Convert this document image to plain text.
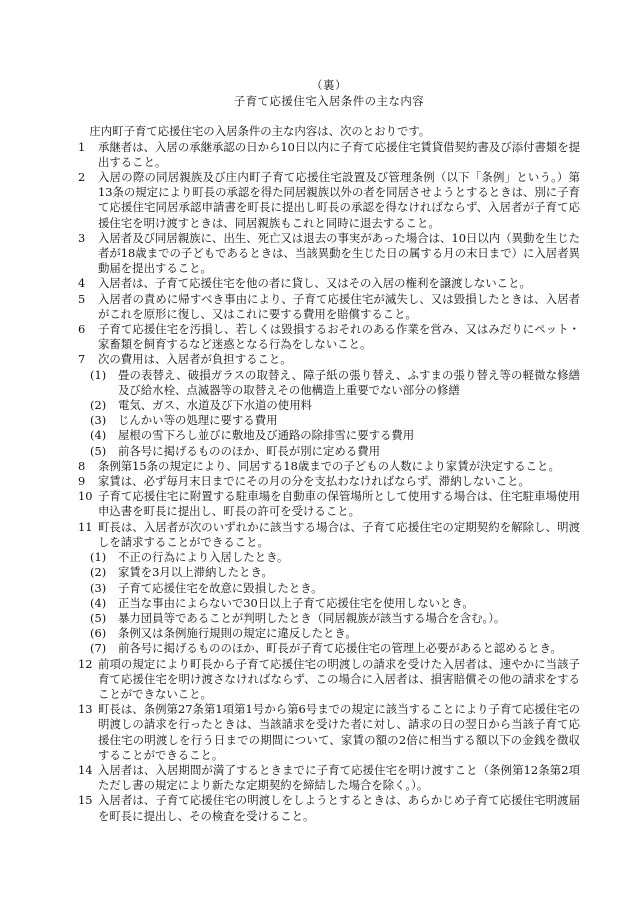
（裏）
子育て応援住宅入居条件の主な内容
庄内町子育て応援住宅の入居条件の主な内容は、次のとおりです。
1	承継者は、入居の承継承認の日から10日以内に子育て応援住宅賃貸借契約書及び添付書類を提出すること。
2	入居の際の同居親族及び庄内町子育て応援住宅設置及び管理条例（以下「条例」という。）第13条の規定により町長の承認を得た同居親族以外の者を同居させようとするときは、別に子育て応援住宅同居承認申請書を町長に提出し町長の承認を得なければならず、入居者が子育て応援住宅を明け渡すときは、同居親族もこれと同時に退去すること。
3	入居者及び同居親族に、出生、死亡又は退去の事実があった場合は、10日以内（異動を生じた者が18歳までの子どもであるときは、当該異動を生じた日の属する月の末日まで）に入居者異動届を提出すること。
4	入居者は、子育て応援住宅を他の者に貸し、又はその入居の権利を譲渡しないこと。
5	入居者の責めに帰すべき事由により、子育て応援住宅が滅失し、又は毀損したときは、入居者がこれを原形に復し、又はこれに要する費用を賠償すること。
6	子育て応援住宅を汚損し、若しくは毀損するおそれのある作業を営み、又はみだりにペット・家畜類を飼育するなど迷惑となる行為をしないこと。
7	次の費用は、入居者が負担すること。
(1)	畳の表替え、破損ガラスの取替え、障子紙の張り替え、ふすまの張り替え等の軽微な修繕及び給水栓、点滅器等の取替えその他構造上重要でない部分の修繕
(2)	電気、ガス、水道及び下水道の使用料
(3)	じんかい等の処理に要する費用
(4)	屋根の雪下ろし並びに敷地及び通路の除排雪に要する費用
(5)	前各号に掲げるもののほか、町長が別に定める費用
8	条例第15条の規定により、同居する18歳までの子どもの人数により家賃が決定すること。
9	家賃は、必ず毎月末日までにその月の分を支払わなければならず、滞納しないこと。
10 子育て応援住宅に附置する駐車場を自動車の保管場所として使用する場合は、住宅駐車場使用申込書を町長に提出し、町長の許可を受けること。
11 町長は、入居者が次のいずれかに該当する場合は、子育て応援住宅の定期契約を解除し、明渡しを請求することができること。
(1)	不正の行為により入居したとき。
(2)	家賃を3月以上滞納したとき。
(3)	子育て応援住宅を故意に毀損したとき。
(4)	正当な事由によらないで30日以上子育て応援住宅を使用しないとき。
(5)	暴力団員等であることが判明したとき（同居親族が該当する場合を含む。）。
(6)	条例又は条例施行規則の規定に違反したとき。
(7)	前各号に掲げるもののほか、町長が子育て応援住宅の管理上必要があると認めるとき。
12 前項の規定により町長から子育て応援住宅の明渡しの請求を受けた入居者は、速やかに当該子育て応援住宅を明け渡さなければならず、この場合に入居者は、損害賠償その他の請求をすることができないこと。
13 町長は、条例第27条第1項第1号から第6号までの規定に該当することにより子育て応援住宅の明渡しの請求を行ったときは、当該請求を受けた者に対し、請求の日の翌日から当該子育て応援住宅の明渡しを行う日までの期間について、家賃の額の2倍に相当する額以下の金銭を徴収することができること。
14 入居者は、入居期間が満了するときまでに子育て応援住宅を明け渡すこと（条例第12条第2項ただし書の規定により新たな定期契約を締結した場合を除く。）。
15 入居者は、子育て応援住宅の明渡しをしようとするときは、あらかじめ子育て応援住宅明渡届を町長に提出し、その検査を受けること。
